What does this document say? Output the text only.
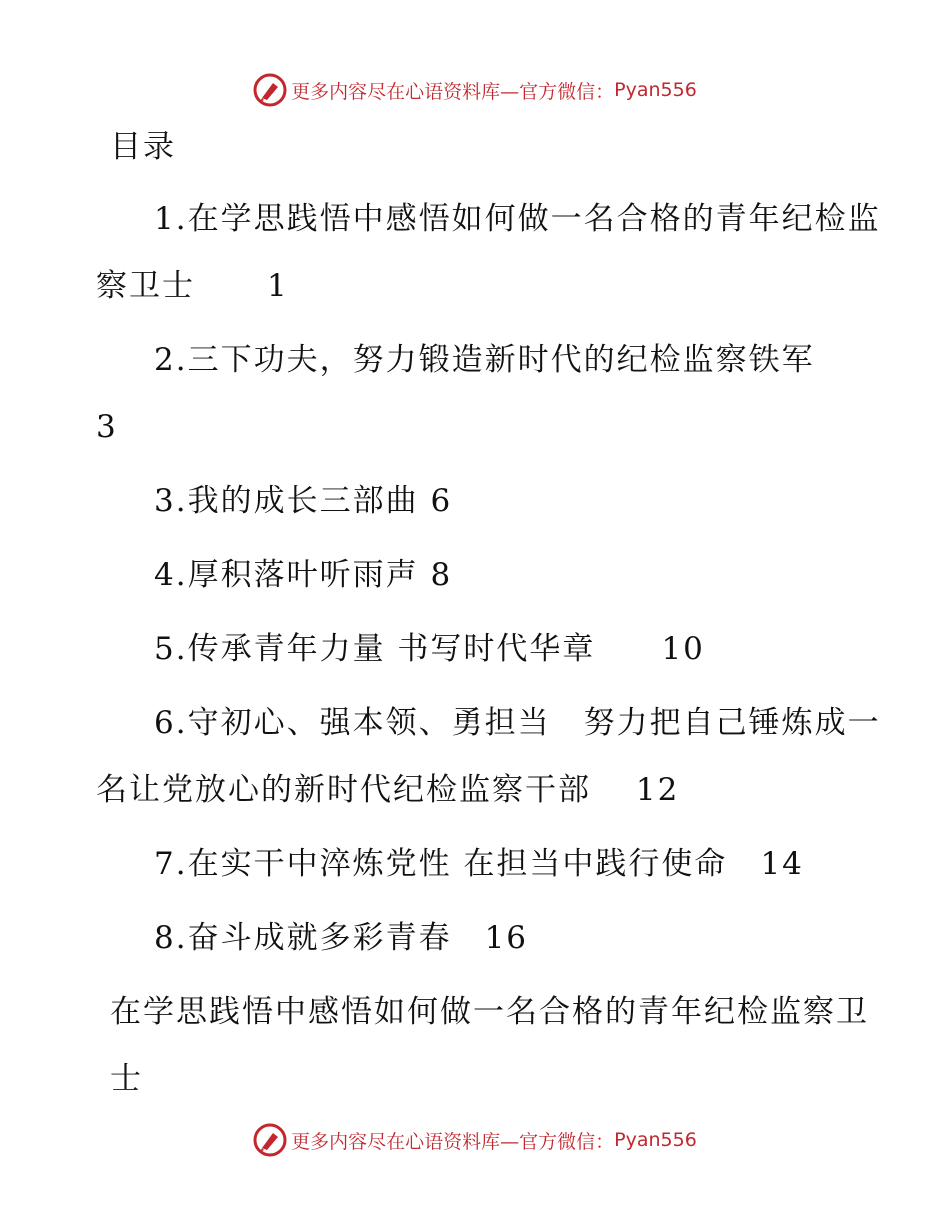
更多内容尽在心语资料库—官方微信： Pyan556

目录

1.在学思践悟中感悟如何做一名合格的青年纪检监察卫士　　 1

2.三下功夫，努力锻造新时代的纪检监察铁军
3

3.我的成长三部曲 6

4.厚积落叶听雨声 8

5.传承青年力量 书写时代华章　　 10

6.守初心、强本领、勇担当　努力把自己锤炼成一名让党放心的新时代纪检监察干部　 12

7.在实干中淬炼党性 在担当中践行使命　 14

8.奋斗成就多彩青春　 16

在学思践悟中感悟如何做一名合格的青年纪检监察卫士

更多内容尽在心语资料库—官方微信： Pyan556
